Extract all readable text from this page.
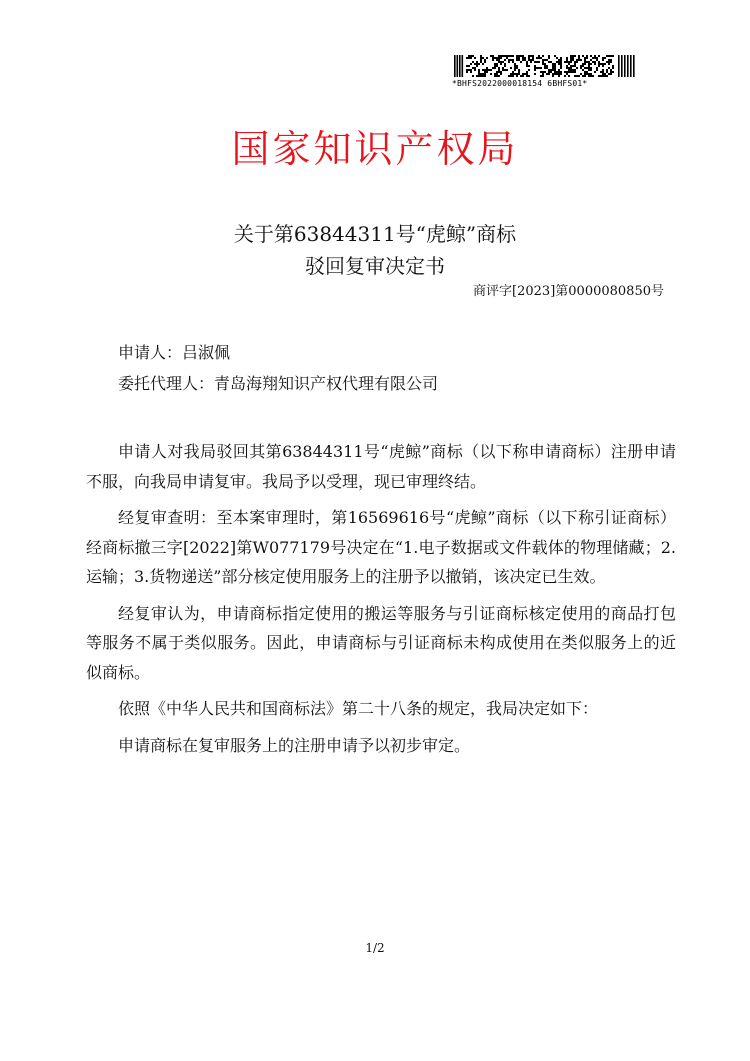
*BHFS2022000018154 6BHFS01*
国家知识产权局
关于第63844311号“虎鲸”商标
驳回复审决定书
商评字[2023]第0000080850号
申请人：吕淑佩
委托代理人：青岛海翔知识产权代理有限公司

申请人对我局驳回其第63844311号“虎鲸”商标（以下称申请商标）注册申请不服，向我局申请复审。我局予以受理，现已审理终结。

经复审查明：至本案审理时，第16569616号“虎鲸”商标（以下称引证商标）经商标撤三字[2022]第W077179号决定在“1.电子数据或文件载体的物理储藏；2.运输；3.货物递送”部分核定使用服务上的注册予以撤销，该决定已生效。

经复审认为，申请商标指定使用的搬运等服务与引证商标核定使用的商品打包等服务不属于类似服务。因此，申请商标与引证商标未构成使用在类似服务上的近似商标。

依照《中华人民共和国商标法》第二十八条的规定，我局决定如下：

申请商标在复审服务上的注册申请予以初步审定。

1/2
